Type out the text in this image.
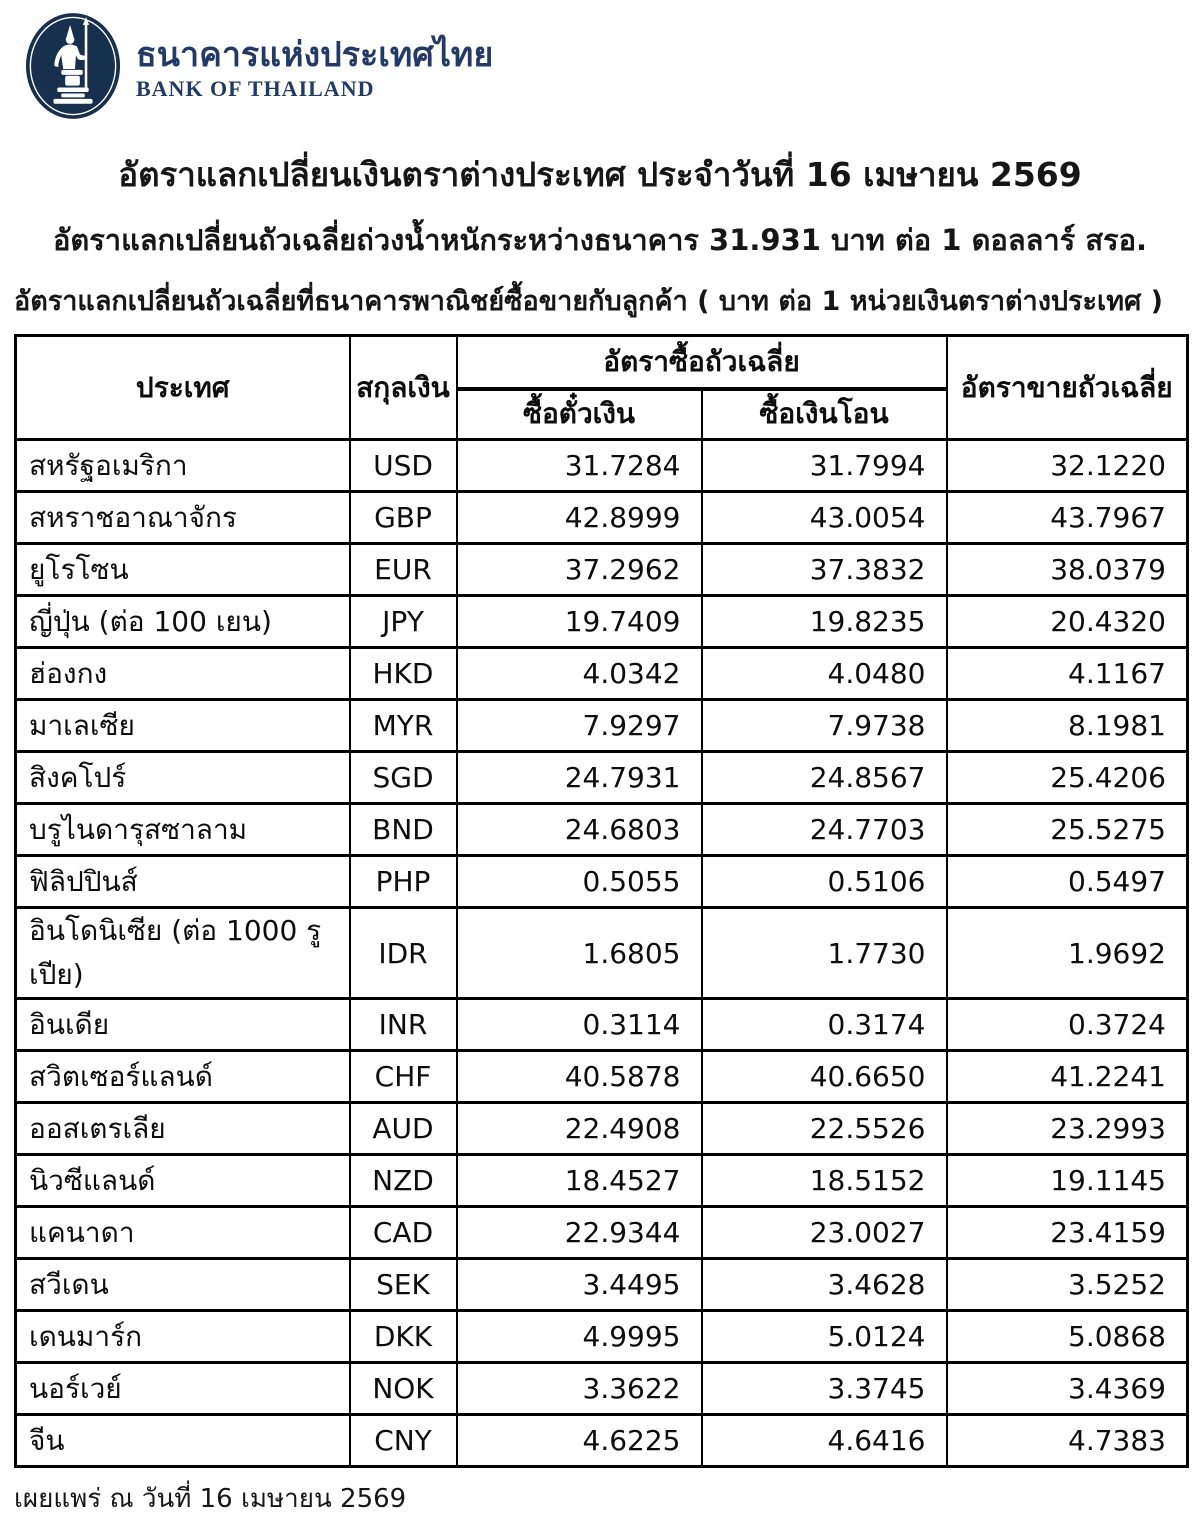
ธนาคารแห่งประเทศไทย
BANK OF THAILAND
อัตราแลกเปลี่ยนเงินตราต่างประเทศ ประจำวันที่ 16 เมษายน 2569
อัตราแลกเปลี่ยนถัวเฉลี่ยถ่วงน้ำหนักระหว่างธนาคาร 31.931 บาท ต่อ 1 ดอลลาร์ สรอ.
อัตราแลกเปลี่ยนถัวเฉลี่ยที่ธนาคารพาณิชย์ซื้อขายกับลูกค้า ( บาท ต่อ 1 หน่วยเงินตราต่างประเทศ )
ประเทศ	สกุลเงิน	อัตราซื้อถัวเฉลี่ย		อัตราขายถัวเฉลี่ย
		ซื้อตั๋วเงิน	ซื้อเงินโอน	
สหรัฐอเมริกา	USD	31.7284	31.7994	32.1220
สหราชอาณาจักร	GBP	42.8999	43.0054	43.7967
ยูโรโซน	EUR	37.2962	37.3832	38.0379
ญี่ปุ่น (ต่อ 100 เยน)	JPY	19.7409	19.8235	20.4320
ฮ่องกง	HKD	4.0342	4.0480	4.1167
มาเลเซีย	MYR	7.9297	7.9738	8.1981
สิงคโปร์	SGD	24.7931	24.8567	25.4206
บรูไนดารุสซาลาม	BND	24.6803	24.7703	25.5275
ฟิลิปปินส์	PHP	0.5055	0.5106	0.5497
อินโดนิเซีย (ต่อ 1000 รูเปีย)	IDR	1.6805	1.7730	1.9692
อินเดีย	INR	0.3114	0.3174	0.3724
สวิตเซอร์แลนด์	CHF	40.5878	40.6650	41.2241
ออสเตรเลีย	AUD	22.4908	22.5526	23.2993
นิวซีแลนด์	NZD	18.4527	18.5152	19.1145
แคนาดา	CAD	22.9344	23.0027	23.4159
สวีเดน	SEK	3.4495	3.4628	3.5252
เดนมาร์ก	DKK	4.9995	5.0124	5.0868
นอร์เวย์	NOK	3.3622	3.3745	3.4369
จีน	CNY	4.6225	4.6416	4.7383
เผยแพร่ ณ วันที่ 16 เมษายน 2569
